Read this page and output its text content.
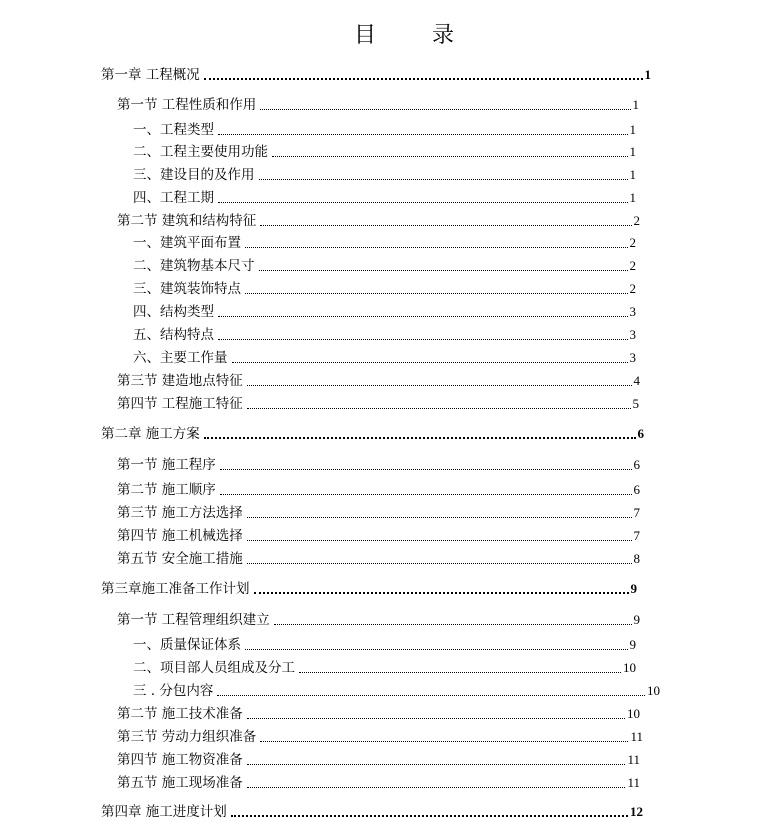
目 录
第一章 工程概况	1
第一节 工程性质和作用	1
一、工程类型	1
二、工程主要使用功能	1
三、建设目的及作用	1
四、工程工期	1
第二节 建筑和结构特征	2
一、建筑平面布置	2
二、建筑物基本尺寸	2
三、建筑装饰特点	2
四、结构类型	3
五、结构特点	3
六、主要工作量	3
第三节 建造地点特征	4
第四节 工程施工特征	5
第二章 施工方案	6
第一节 施工程序	6
第二节 施工顺序	6
第三节 施工方法选择	7
第四节 施工机械选择	7
第五节 安全施工措施	8
第三章施工准备工作计划	9
第一节 工程管理组织建立	9
一、质量保证体系	9
二、项目部人员组成及分工	10
三 . 分包内容	10
第二节 施工技术准备	10
第三节 劳动力组织准备	11
第四节 施工物资准备	11
第五节 施工现场准备	11
第四章 施工进度计划	12
